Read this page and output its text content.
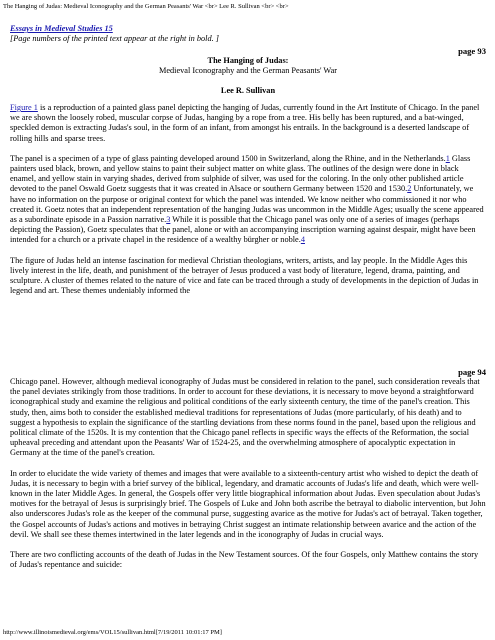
The Hanging of Judas: Medieval Iconography and the German Peasants' War <br> Lee R. Sullivan <br> <br>
Essays in Medieval Studies 15
[Page numbers of the printed text appear at the right in bold. ]
page 93

The Hanging of Judas:

Medieval Iconography and the German Peasants' War

Lee R. Sullivan

Figure 1 is a reproduction of a painted glass panel depicting the hanging of Judas, currently found in the Art Institute of Chicago. In the panel we are shown the loosely robed, muscular corpse of Judas, hanging by a rope from a tree. His belly has been ruptured, and a bat-winged, speckled demon is extracting Judas's soul, in the form of an infant, from amongst his entrails. In the background is a deserted landscape of rolling hills and sparse trees.

The panel is a specimen of a type of glass painting developed around 1500 in Switzerland, along the Rhine, and in the Netherlands.1 Glass painters used black, brown, and yellow stains to paint their subject matter on white glass. The outlines of the design were done in black enamel, and yellow stain in varying shades, derived from sulphide of silver, was used for the coloring. In the only other published article devoted to the panel Oswald Goetz suggests that it was created in Alsace or southern Germany between 1520 and 1530.2 Unfortunately, we have no information on the purpose or original context for which the panel was intended. We know neither who commissioned it nor who created it. Goetz notes that an independent representation of the hanging Judas was uncommon in the Middle Ages; usually the scene appeared as a subordinate episode in a Passion narrative.3 While it is possible that the Chicago panel was only one of a series of images (perhaps depicting the Passion), Goetz speculates that the panel, alone or with an accompanying inscription warning against despair, might have been intended for a church or a private chapel in the residence of a wealthy bürgher or noble.4

The figure of Judas held an intense fascination for medieval Christian theologians, writers, artists, and lay people. In the Middle Ages this lively interest in the life, death, and punishment of the betrayer of Jesus produced a vast body of literature, legend, drama, painting, and sculpture. A cluster of themes related to the nature of vice and fate can be traced through a study of developments in the depiction of Judas in legend and art. These themes undeniably informed the

page 94

Chicago panel. However, although medieval iconography of Judas must be considered in relation to the panel, such consideration reveals that the panel deviates strikingly from those traditions. In order to account for these deviations, it is necessary to move beyond a straightforward iconographical study and examine the religious and political conditions of the early sixteenth century, the time of the panel's creation. This study, then, aims both to consider the established medieval traditions for representations of Judas (more particularly, of his death) and to suggest a hypothesis to explain the significance of the startling deviations from these norms found in the panel, based upon the religious and political climate of the 1520s. It is my contention that the Chicago panel reflects in specific ways the effects of the Reformation, the social upheaval preceding and attendant upon the Peasants' War of 1524-25, and the overwhelming atmosphere of apocalyptic expectation in Germany at the time of the panel's creation.

In order to elucidate the wide variety of themes and images that were available to a sixteenth-century artist who wished to depict the death of Judas, it is necessary to begin with a brief survey of the biblical, legendary, and dramatic accounts of Judas's life and death, which were well-known in the later Middle Ages. In general, the Gospels offer very little biographical information about Judas. Even speculation about Judas's motives for the betrayal of Jesus is surprisingly brief. The Gospels of Luke and John both ascribe the betrayal to diabolic intervention, but John also underscores Judas's role as the keeper of the communal purse, suggesting avarice as the motive for Judas's act of betrayal. Taken together, the Gospel accounts of Judas's actions and motives in betraying Christ suggest an intimate relationship between avarice and the action of the devil. We shall see these themes intertwined in the later legends and in the iconography of Judas in crucial ways.

There are two conflicting accounts of the death of Judas in the New Testament sources. Of the four Gospels, only Matthew contains the story of Judas's repentance and suicide:

http://www.illinoismedieval.org/ems/VOL15/sullivan.html[7/19/2011 10:01:17 PM]
